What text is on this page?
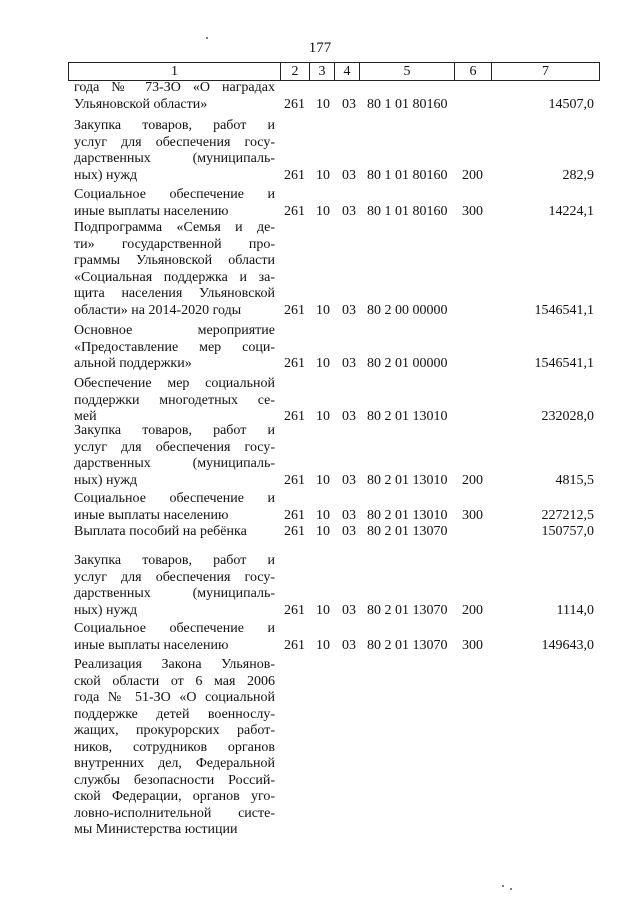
177
1	2	3	4	5	6	7
года № 73-ЗО «О наградах
Ульяновской области»	261 10 03 80 1 01 80160	14507,0
Закупка товаров, работ и
услуг для обеспечения госу-
дарственных (муниципаль-
ных) нужд	261 10 03 80 1 01 80160 200	282,9
Социальное обеспечение и
иные выплаты населению	261 10 03 80 1 01 80160 300	14224,1
Подпрограмма «Семья и де-
ти» государственной про-
граммы Ульяновской области
«Социальная поддержка и за-
щита населения Ульяновской
области» на 2014-2020 годы	261 10 03 80 2 00 00000	1546541,1
Основное мероприятие
«Предоставление мер соци-
альной поддержки»	261 10 03 80 2 01 00000	1546541,1
Обеспечение мер социальной
поддержки многодетных се-
мей	261 10 03 80 2 01 13010	232028,0
Закупка товаров, работ и
услуг для обеспечения госу-
дарственных (муниципаль-
ных) нужд	261 10 03 80 2 01 13010 200	4815,5
Социальное обеспечение и
иные выплаты населению	261 10 03 80 2 01 13010 300	227212,5
Выплата пособий на ребёнка	261 10 03 80 2 01 13070	150757,0
Закупка товаров, работ и
услуг для обеспечения госу-
дарственных (муниципаль-
ных) нужд	261 10 03 80 2 01 13070 200	1114,0
Социальное обеспечение и
иные выплаты населению	261 10 03 80 2 01 13070 300	149643,0
Реализация Закона Ульянов-
ской области от 6 мая 2006
года № 51-ЗО «О социальной
поддержке детей военнослу-
жащих, прокурорских работ-
ников, сотрудников органов
внутренних дел, Федеральной
службы безопасности Россий-
ской Федерации, органов уго-
ловно-исполнительной систе-
мы Министерства юстиции
